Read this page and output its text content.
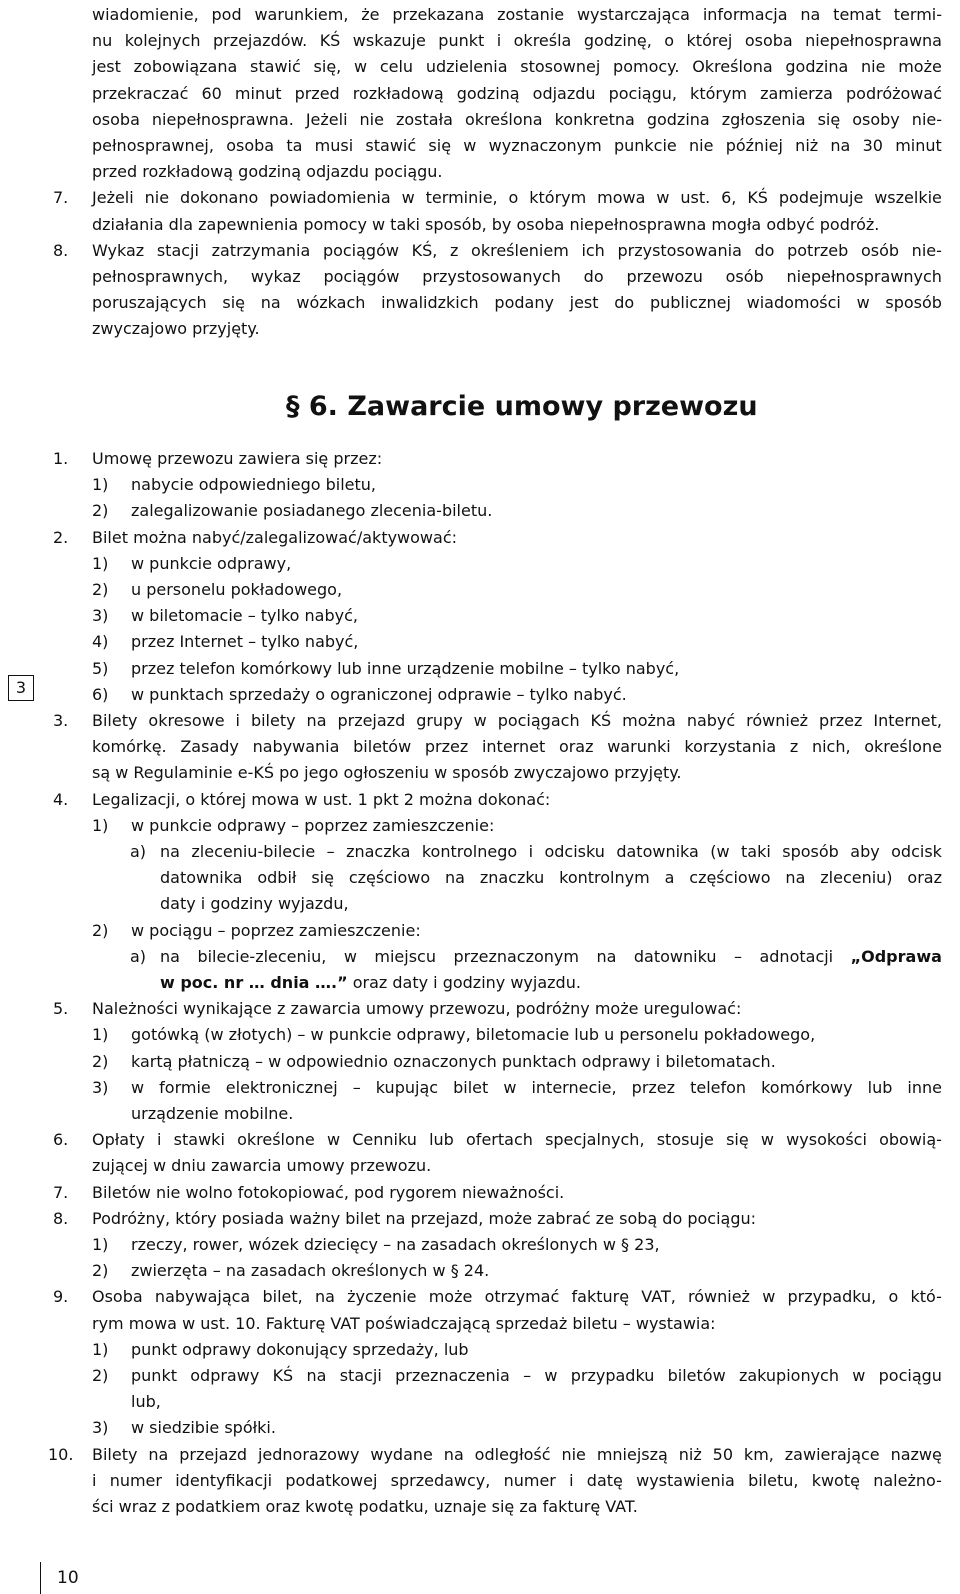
wiadomienie, pod warunkiem, że przekazana zostanie wystarczająca informacja na temat termi-
nu kolejnych przejazdów. KŚ wskazuje punkt i określa godzinę, o której osoba niepełnosprawna
jest zobowiązana stawić się, w celu udzielenia stosownej pomocy. Określona godzina nie może
przekraczać 60 minut przed rozkładową godziną odjazdu pociągu, którym zamierza podróżować
osoba niepełnosprawna. Jeżeli nie została określona konkretna godzina zgłoszenia się osoby nie-
pełnosprawnej, osoba ta musi stawić się w wyznaczonym punkcie nie później niż na 30 minut
przed rozkładową godziną odjazdu pociągu.
7. Jeżeli nie dokonano powiadomienia w terminie, o którym mowa w ust. 6, KŚ podejmuje wszelkie
działania dla zapewnienia pomocy w taki sposób, by osoba niepełnosprawna mogła odbyć podróż.
8. Wykaz stacji zatrzymania pociągów KŚ, z określeniem ich przystosowania do potrzeb osób nie-
pełnosprawnych, wykaz pociągów przystosowanych do przewozu osób niepełnosprawnych
poruszających się na wózkach inwalidzkich podany jest do publicznej wiadomości w sposób
zwyczajowo przyjęty.
§ 6. Zawarcie umowy przewozu
3
10
1. Umowę przewozu zawiera się przez:
1) nabycie odpowiedniego biletu,
2) zalegalizowanie posiadanego zlecenia-biletu.
2. Bilet można nabyć/zalegalizować/aktywować:
1) w punkcie odprawy,
2) u personelu pokładowego,
3) w biletomacie – tylko nabyć,
4) przez Internet – tylko nabyć,
5) przez telefon komórkowy lub inne urządzenie mobilne – tylko nabyć,
6) w punktach sprzedaży o ograniczonej odprawie – tylko nabyć.
3. Bilety okresowe i bilety na przejazd grupy w pociągach KŚ można nabyć również przez Internet,
komórkę. Zasady nabywania biletów przez internet oraz warunki korzystania z nich, określone
są w Regulaminie e-KŚ po jego ogłoszeniu w sposób zwyczajowo przyjęty.
4. Legalizacji, o której mowa w ust. 1 pkt 2 można dokonać:
1) w punkcie odprawy – poprzez zamieszczenie:
a) na zleceniu-bilecie – znaczka kontrolnego i odcisku datownika (w taki sposób aby odcisk
datownika odbił się częściowo na znaczku kontrolnym a częściowo na zleceniu) oraz
daty i godziny wyjazdu,
2) w pociągu – poprzez zamieszczenie:
a) na bilecie-zleceniu, w miejscu przeznaczonym na datowniku – adnotacji „Odprawa
w poc. nr … dnia ….” oraz daty i godziny wyjazdu.
5. Należności wynikające z zawarcia umowy przewozu, podróżny może uregulować:
1) gotówką (w złotych) – w punkcie odprawy, biletomacie lub u personelu pokładowego,
2) kartą płatniczą – w odpowiednio oznaczonych punktach odprawy i biletomatach.
3) w formie elektronicznej – kupując bilet w internecie, przez telefon komórkowy lub inne
urządzenie mobilne.
6. Opłaty i stawki określone w Cenniku lub ofertach specjalnych, stosuje się w wysokości obowią-
zującej w dniu zawarcia umowy przewozu.
7. Biletów nie wolno fotokopiować, pod rygorem nieważności.
8. Podróżny, który posiada ważny bilet na przejazd, może zabrać ze sobą do pociągu:
1) rzeczy, rower, wózek dziecięcy – na zasadach określonych w § 23,
2) zwierzęta – na zasadach określonych w § 24.
9. Osoba nabywająca bilet, na życzenie może otrzymać fakturę VAT, również w przypadku, o któ-
rym mowa w ust. 10. Fakturę VAT poświadczającą sprzedaż biletu – wystawia:
1) punkt odprawy dokonujący sprzedaży, lub
2) punkt odprawy KŚ na stacji przeznaczenia – w przypadku biletów zakupionych w pociągu
lub,
3) w siedzibie spółki.
10. Bilety na przejazd jednorazowy wydane na odległość nie mniejszą niż 50 km, zawierające nazwę
i numer identyfikacji podatkowej sprzedawcy, numer i datę wystawienia biletu, kwotę należno-
ści wraz z podatkiem oraz kwotę podatku, uznaje się za fakturę VAT.
